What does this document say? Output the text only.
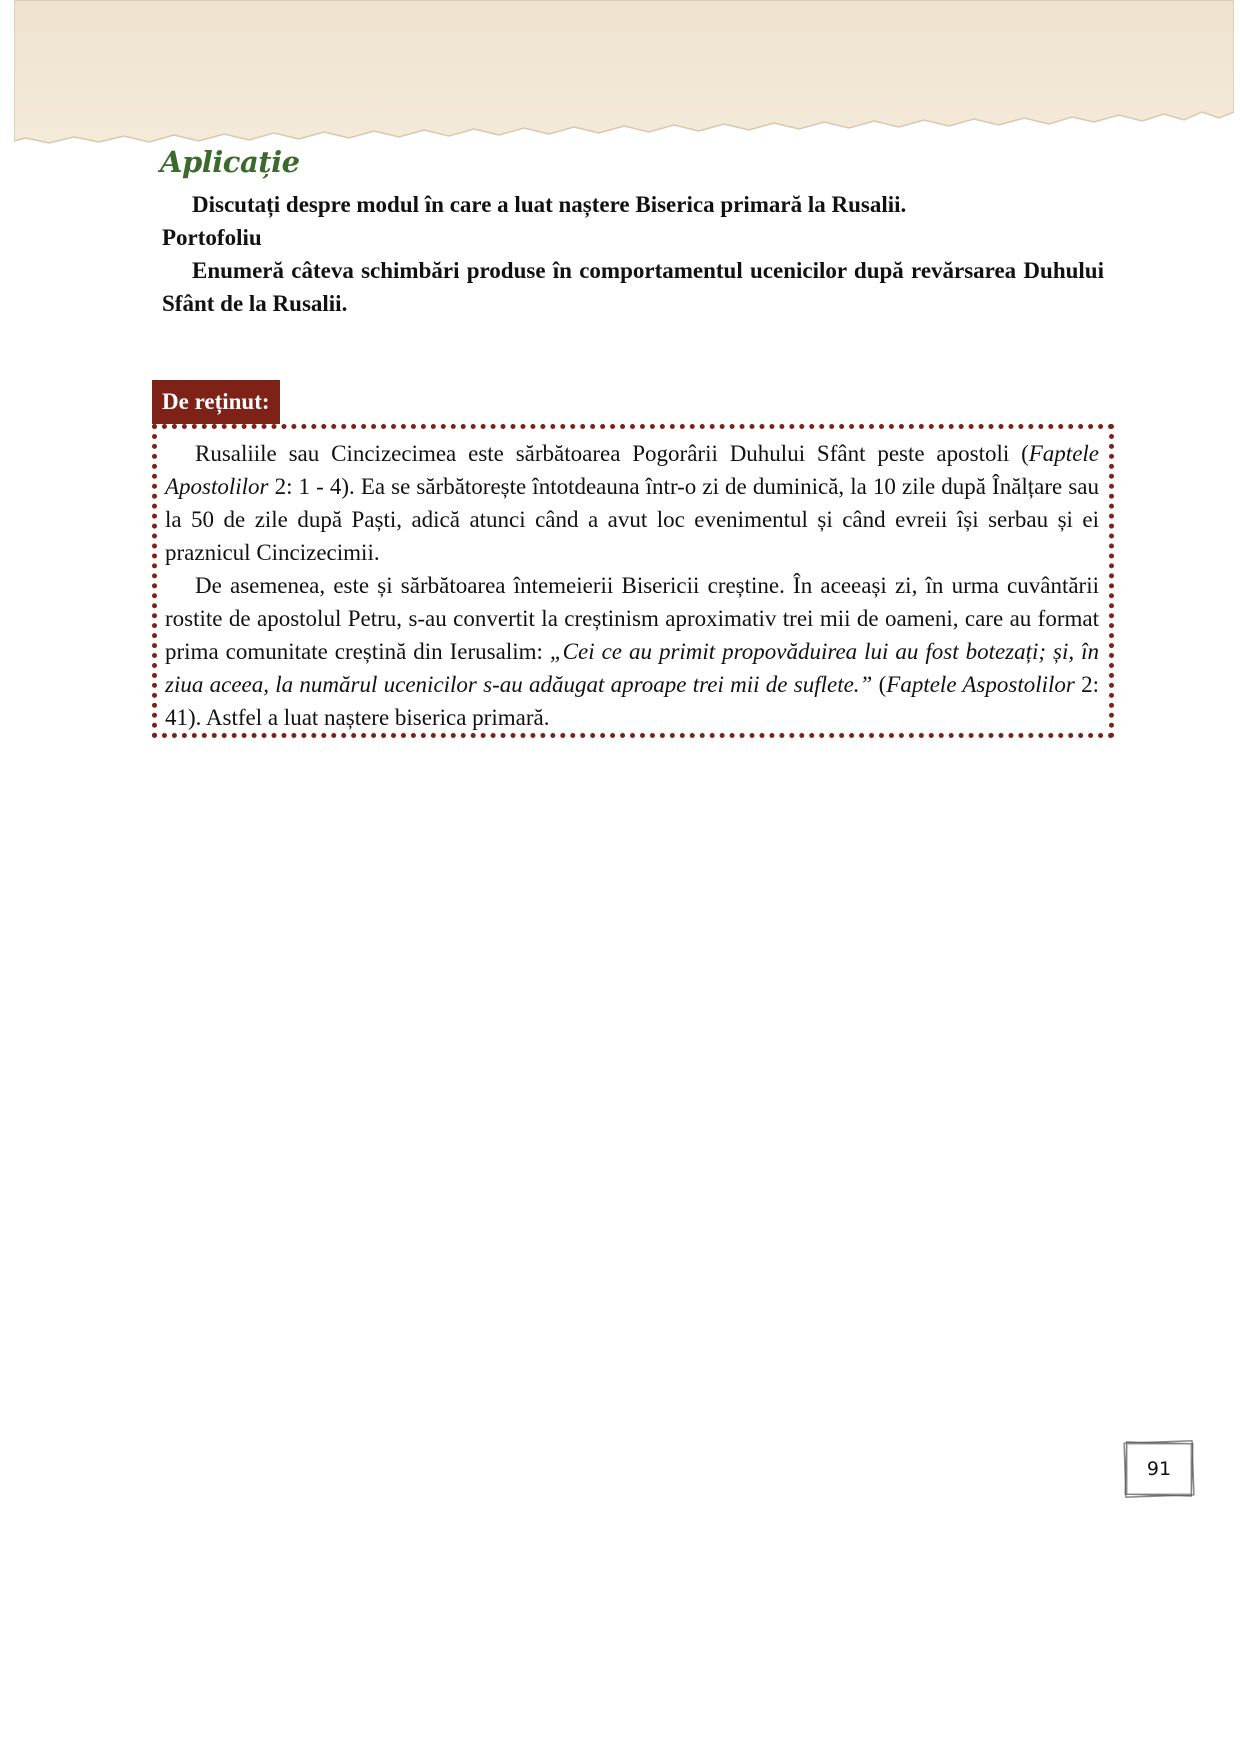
Aplicație

Discutați despre modul în care a luat naștere Biserica primară la Rusalii.

Portofoliu

Enumeră câteva schimbări produse în comportamentul ucenicilor după revărsarea Duhului Sfânt de la Rusalii.

De reținut:

Rusaliile sau Cincizecimea este sărbătoarea Pogorârii Duhului Sfânt peste apostoli (Faptele Apostolilor 2: 1 - 4). Ea se sărbătorește întotdeauna într-o zi de duminică, la 10 zile după Înălțare sau la 50 de zile după Paști, adică atunci când a avut loc evenimentul și când evreii își serbau și ei praznicul Cincizecimii.

De asemenea, este și sărbătoarea întemeierii Bisericii creștine. În aceeași zi, în urma cuvântării rostite de apostolul Petru, s-au convertit la creștinism aproximativ trei mii de oameni, care au format prima comunitate creștină din Ierusalim: „Cei ce au primit propovăduirea lui au fost botezați; și, în ziua aceea, la numărul ucenicilor s-au adăugat aproape trei mii de suflete.” (Faptele Aspostolilor 2: 41). Astfel a luat naștere biserica primară.

91
